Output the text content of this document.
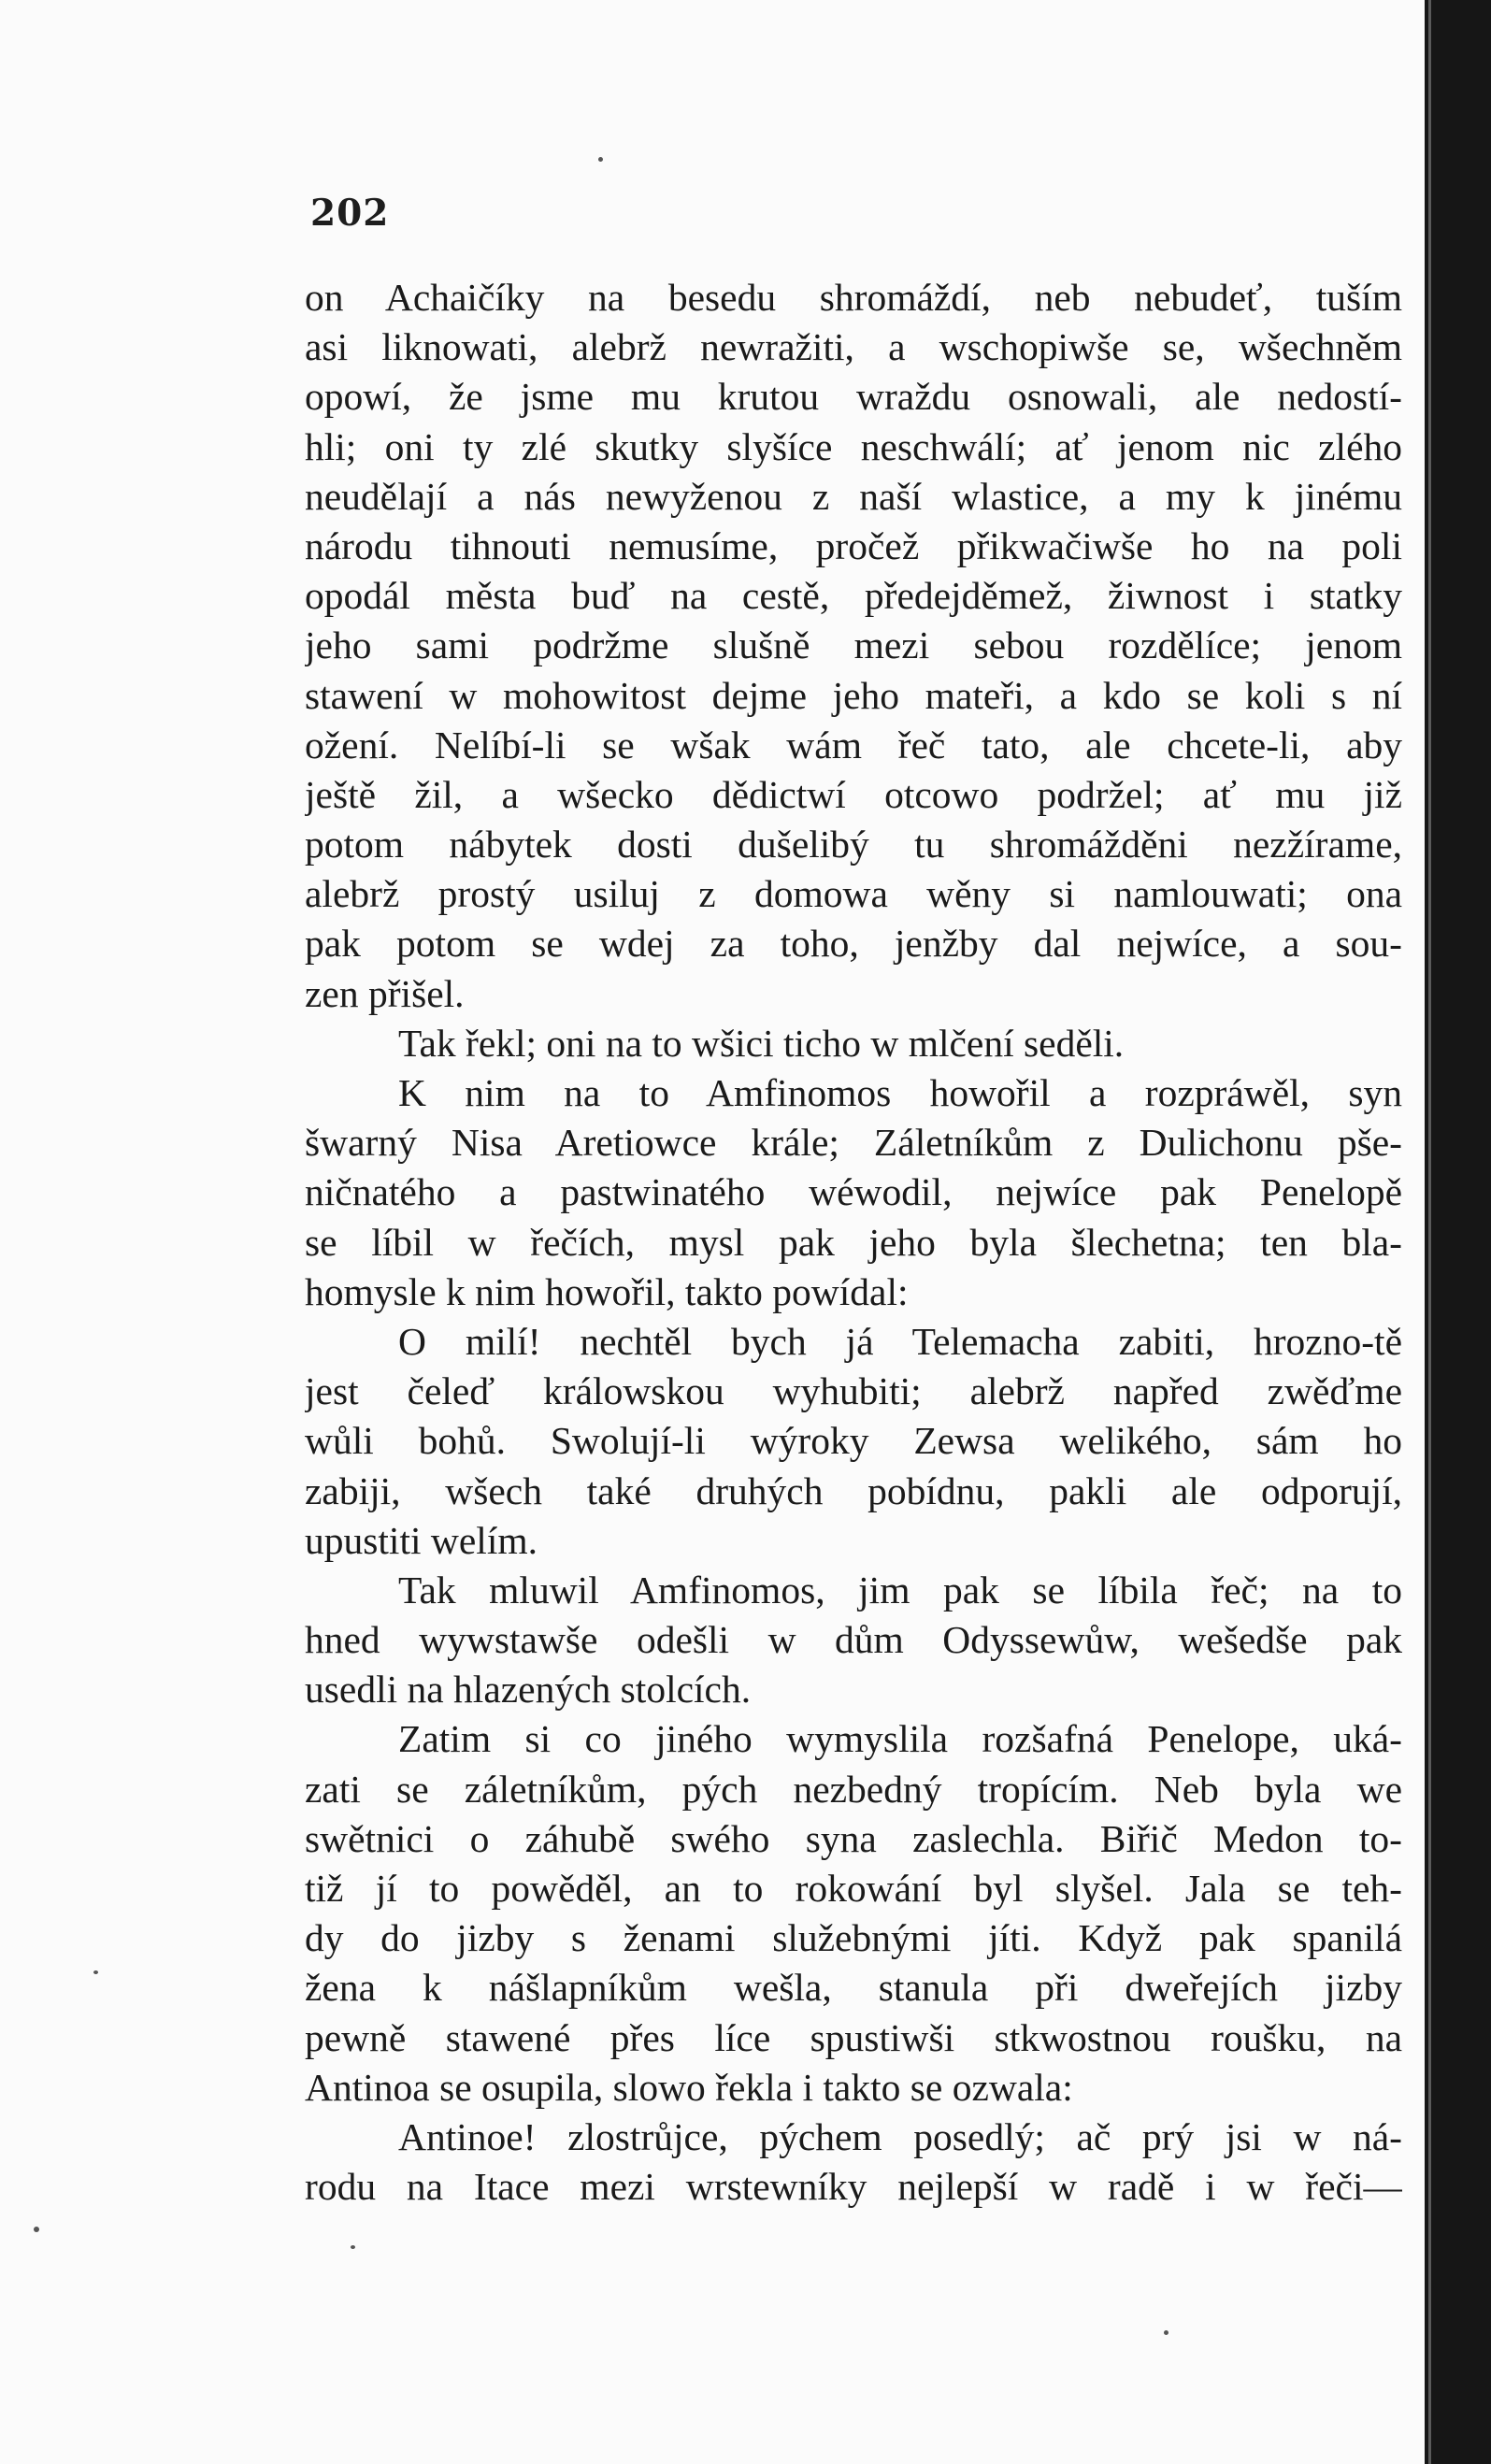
202
on Achaičíky na besedu shromáždí, neb nebudeť, tuším
asi liknowati, alebrž newražiti, a wschopiwše se, wšechněm
opowí, že jsme mu krutou wraždu osnowali, ale nedostí-
hli; oni ty zlé skutky slyšíce neschwálí; ať jenom nic zlého
neudělají a nás newyženou z naší wlastice, a my k jinému
národu tihnouti nemusíme, pročež přikwačiwše ho na poli
opodál města buď na cestě, předejděmež, žiwnost i statky
jeho sami podržme slušně mezi sebou rozdělíce; jenom
stawení w mohowitost dejme jeho mateři, a kdo se koli s ní
ožení. Nelíbí-li se wšak wám řeč tato, ale chcete-li, aby
ještě žil, a wšecko dědictwí otcowo podržel; ať mu již
potom nábytek dosti dušelibý tu shromážděni nezžírame,
alebrž prostý usiluj z domowa wěny si namlouwati; ona
pak potom se wdej za toho, jenžby dal nejwíce, a sou-
zen přišel.
Tak řekl; oni na to wšici ticho w mlčení seděli.
K nim na to Amfinomos howořil a rozpráwěl, syn
šwarný Nisa Aretiowce krále; Záletníkům z Dulichonu pše-
ničnatého a pastwinatého wéwodil, nejwíce pak Penelopě
se líbil w řečích, mysl pak jeho byla šlechetna; ten bla-
homysle k nim howořil, takto powídal:
O milí! nechtěl bych já Telemacha zabiti, hrozno-tě
jest čeleď králowskou wyhubiti; alebrž napřed zwěďme
wůli bohů. Swolují-li wýroky Zewsa welikého, sám ho
zabiji, wšech také druhých pobídnu, pakli ale odporují,
upustiti welím.
Tak mluwil Amfinomos, jim pak se líbila řeč; na to
hned wywstawše odešli w dům Odyssewůw, wešedše pak
usedli na hlazených stolcích.
Zatim si co jiného wymyslila rozšafná Penelope, uká-
zati se záletníkům, pých nezbedný tropícím. Neb byla we
swětnici o záhubě swého syna zaslechla. Biřič Medon to-
tiž jí to powěděl, an to rokowání byl slyšel. Jala se teh-
dy do jizby s ženami služebnými jíti. Když pak spanilá
žena k nášlapníkům wešla, stanula při dweřejích jizby
pewně stawené přes líce spustiwši stkwostnou roušku, na
Antinoa se osupila, slowo řekla i takto se ozwala:
Antinoe! zlostrůjce, pýchem posedlý; ač prý jsi w ná-
rodu na Itace mezi wrstewníky nejlepší w radě i w řeči—
